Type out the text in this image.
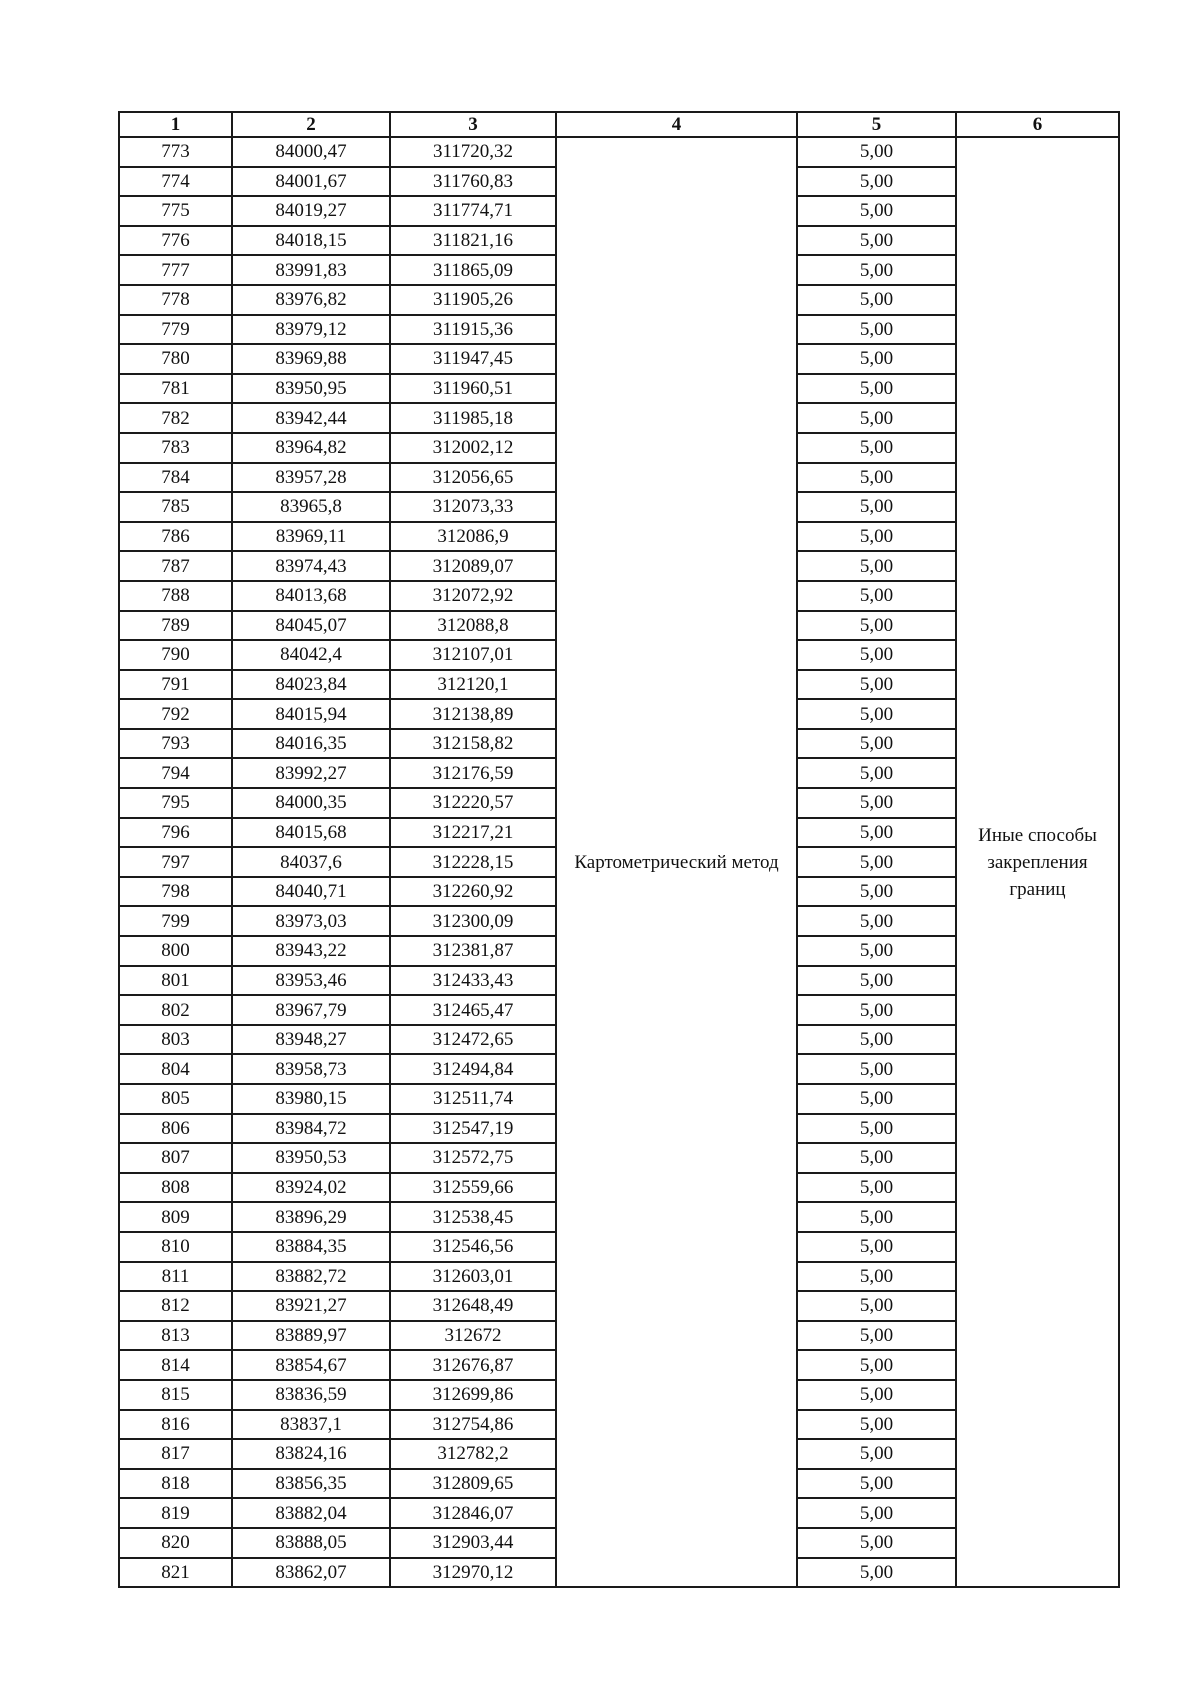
1	2	3	4	5	6
773	84000,47	311720,32	Картометрический метод	5,00	Иные способы закрепления границ
774	84001,67	311760,83		5,00	
775	84019,27	311774,71		5,00	
776	84018,15	311821,16		5,00	
777	83991,83	311865,09		5,00	
778	83976,82	311905,26		5,00	
779	83979,12	311915,36		5,00	
780	83969,88	311947,45		5,00	
781	83950,95	311960,51		5,00	
782	83942,44	311985,18		5,00	
783	83964,82	312002,12		5,00	
784	83957,28	312056,65		5,00	
785	83965,8	312073,33		5,00	
786	83969,11	312086,9		5,00	
787	83974,43	312089,07		5,00	
788	84013,68	312072,92		5,00	
789	84045,07	312088,8		5,00	
790	84042,4	312107,01		5,00	
791	84023,84	312120,1		5,00	
792	84015,94	312138,89		5,00	
793	84016,35	312158,82		5,00	
794	83992,27	312176,59		5,00	
795	84000,35	312220,57		5,00	
796	84015,68	312217,21		5,00	
797	84037,6	312228,15		5,00	
798	84040,71	312260,92		5,00	
799	83973,03	312300,09		5,00	
800	83943,22	312381,87		5,00	
801	83953,46	312433,43		5,00	
802	83967,79	312465,47		5,00	
803	83948,27	312472,65		5,00	
804	83958,73	312494,84		5,00	
805	83980,15	312511,74		5,00	
806	83984,72	312547,19		5,00	
807	83950,53	312572,75		5,00	
808	83924,02	312559,66		5,00	
809	83896,29	312538,45		5,00	
810	83884,35	312546,56		5,00	
811	83882,72	312603,01		5,00	
812	83921,27	312648,49		5,00	
813	83889,97	312672		5,00	
814	83854,67	312676,87		5,00	
815	83836,59	312699,86		5,00	
816	83837,1	312754,86		5,00	
817	83824,16	312782,2		5,00	
818	83856,35	312809,65		5,00	
819	83882,04	312846,07		5,00	
820	83888,05	312903,44		5,00	
821	83862,07	312970,12		5,00	
